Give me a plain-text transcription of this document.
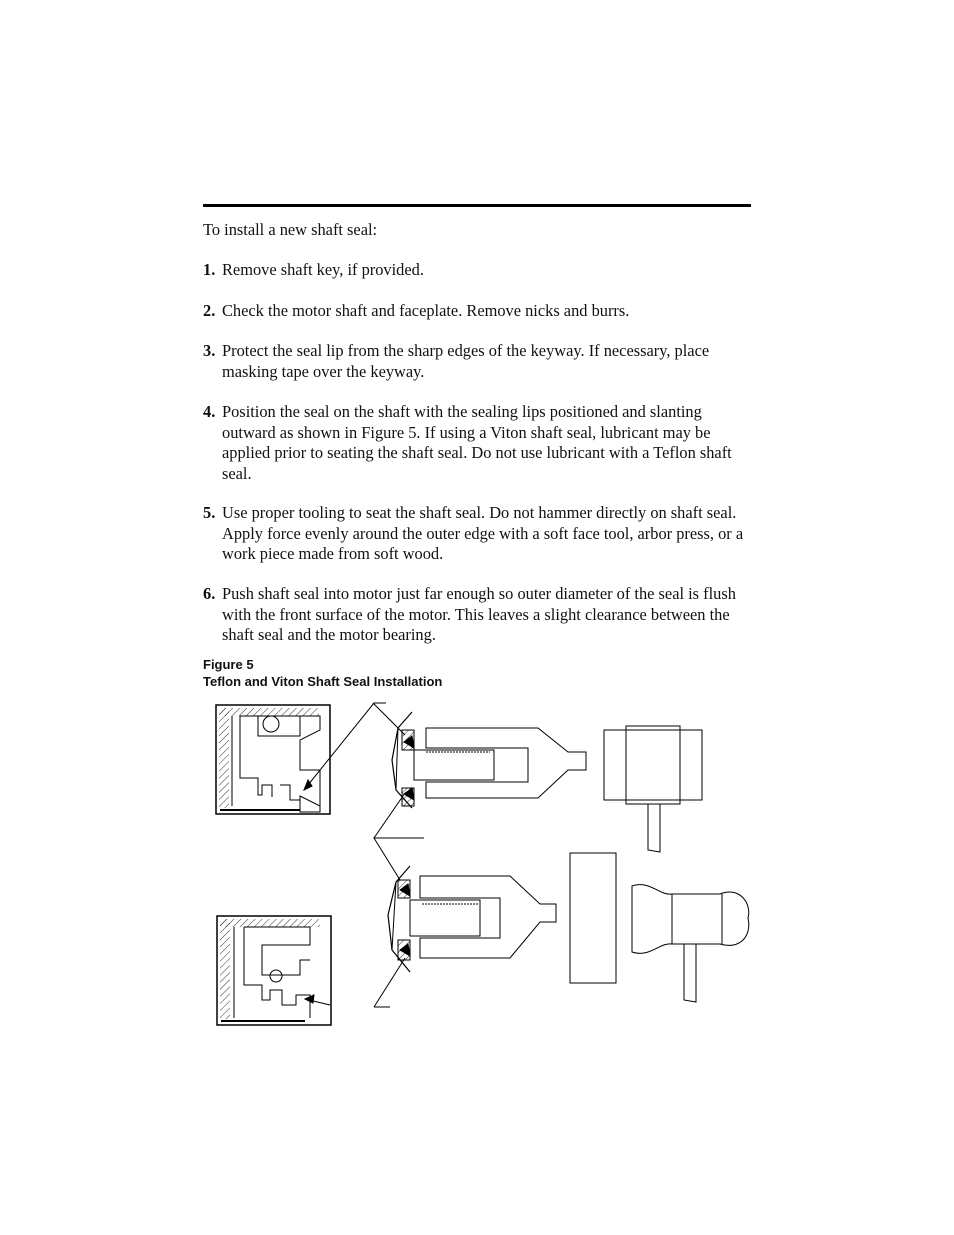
To install a new shaft seal:
1. Remove shaft key, if provided.
2. Check the motor shaft and faceplate. Remove nicks and burrs.
3. Protect the seal lip from the sharp edges of the keyway. If necessary, place masking tape over the keyway.
4. Position the seal on the shaft with the sealing lips positioned and slanting outward as shown in Figure 5. If using a Viton shaft seal, lubricant may be applied prior to seating the shaft seal. Do not use lubricant with a Teflon shaft seal.
5. Use proper tooling to seat the shaft seal. Do not hammer directly on shaft seal. Apply force evenly around the outer edge with a soft face tool, arbor press, or a work piece made from soft wood.
6. Push shaft seal into motor just far enough so outer diameter of the seal is flush with the front surface of the motor. This leaves a slight clearance between the shaft seal and the motor bearing.
Figure 5
Teflon and Viton Shaft Seal Installation
